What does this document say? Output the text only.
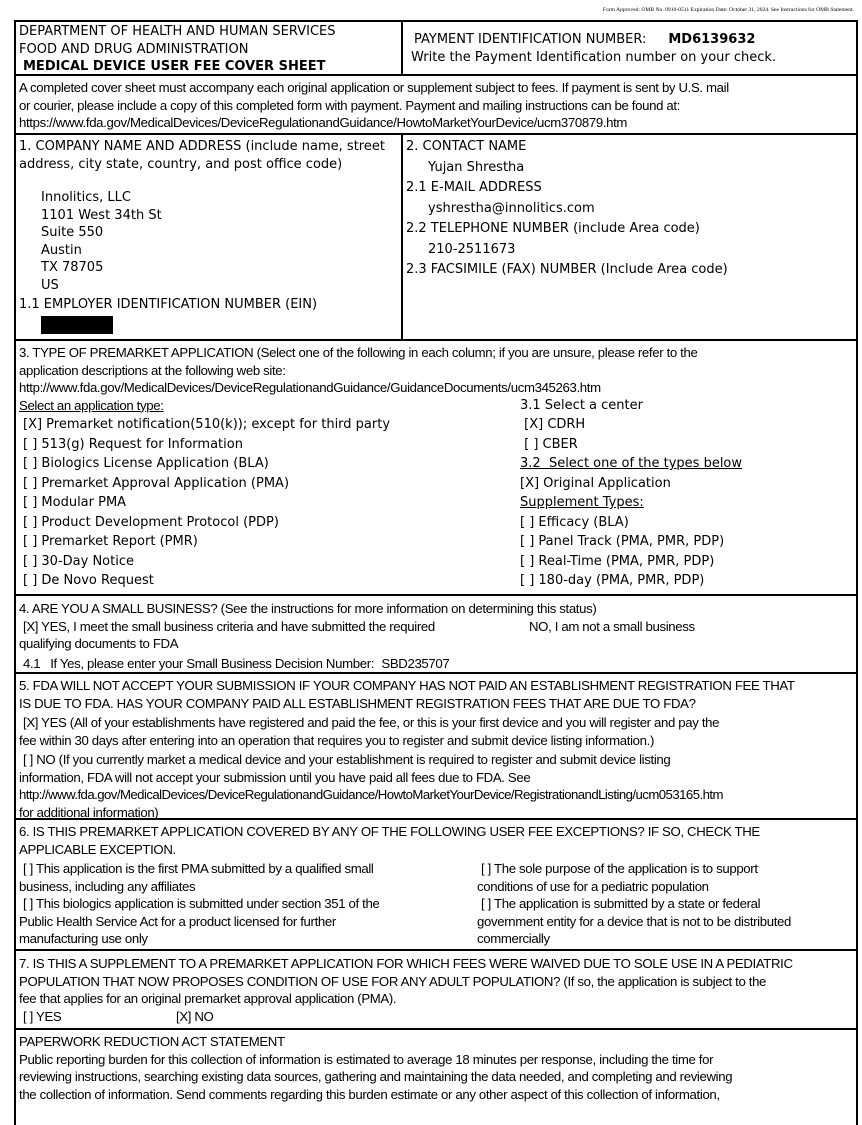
Form Approved: OMB No. 0910-0511 Expiration Date: October 31, 2024. See Instructions for OMB Statement.
DEPARTMENT OF HEALTH AND HUMAN SERVICES
FOOD AND DRUG ADMINISTRATION
MEDICAL DEVICE USER FEE COVER SHEET
PAYMENT IDENTIFICATION NUMBER: MD6139632
Write the Payment Identification number on your check.
A completed cover sheet must accompany each original application or supplement subject to fees. If payment is sent by U.S. mail
or courier, please include a copy of this completed form with payment. Payment and mailing instructions can be found at:
https://www.fda.gov/MedicalDevices/DeviceRegulationandGuidance/HowtoMarketYourDevice/ucm370879.htm
1. COMPANY NAME AND ADDRESS (include name, street
address, city state, country, and post office code)
Innolitics, LLC
1101 West 34th St
Suite 550
Austin
TX 78705
US
1.1 EMPLOYER IDENTIFICATION NUMBER (EIN)
2. CONTACT NAME
Yujan Shrestha
2.1 E-MAIL ADDRESS
yshrestha@innolitics.com
2.2 TELEPHONE NUMBER (include Area code)
210-2511673
2.3 FACSIMILE (FAX) NUMBER (Include Area code)
3. TYPE OF PREMARKET APPLICATION (Select one of the following in each column; if you are unsure, please refer to the
application descriptions at the following web site:
http://www.fda.gov/MedicalDevices/DeviceRegulationandGuidance/GuidanceDocuments/ucm345263.htm
Select an application type:
[X] Premarket notification(510(k)); except for third party
[ ] 513(g) Request for Information
[ ] Biologics License Application (BLA)
[ ] Premarket Approval Application (PMA)
[ ] Modular PMA
[ ] Product Development Protocol (PDP)
[ ] Premarket Report (PMR)
[ ] 30-Day Notice
[ ] De Novo Request
3.1 Select a center
[X] CDRH
[ ] CBER
3.2  Select one of the types below
[X] Original Application
Supplement Types:
[ ] Efficacy (BLA)
[ ] Panel Track (PMA, PMR, PDP)
[ ] Real-Time (PMA, PMR, PDP)
[ ] 180-day (PMA, PMR, PDP)
4. ARE YOU A SMALL BUSINESS? (See the instructions for more information on determining this status)
[X] YES, I meet the small business criteria and have submitted the required
qualifying documents to FDA
NO, I am not a small business
4.1   If Yes, please enter your Small Business Decision Number: SBD235707
5. FDA WILL NOT ACCEPT YOUR SUBMISSION IF YOUR COMPANY HAS NOT PAID AN ESTABLISHMENT REGISTRATION FEE THAT
IS DUE TO FDA. HAS YOUR COMPANY PAID ALL ESTABLISHMENT REGISTRATION FEES THAT ARE DUE TO FDA?
[X] YES (All of your establishments have registered and paid the fee, or this is your first device and you will register and pay the
fee within 30 days after entering into an operation that requires you to register and submit device listing information.)
[ ] NO (If you currently market a medical device and your establishment is required to register and submit device listing
information, FDA will not accept your submission until you have paid all fees due to FDA. See
http://www.fda.gov/MedicalDevices/DeviceRegulationandGuidance/HowtoMarketYourDevice/RegistrationandListing/ucm053165.htm
for additional information)
6. IS THIS PREMARKET APPLICATION COVERED BY ANY OF THE FOLLOWING USER FEE EXCEPTIONS? IF SO, CHECK THE
APPLICABLE EXCEPTION.
[ ] This application is the first PMA submitted by a qualified small
business, including any affiliates
[ ] The sole purpose of the application is to support
conditions of use for a pediatric population
[ ] This biologics application is submitted under section 351 of the
Public Health Service Act for a product licensed for further
manufacturing use only
[ ] The application is submitted by a state or federal
government entity for a device that is not to be distributed
commercially
7. IS THIS A SUPPLEMENT TO A PREMARKET APPLICATION FOR WHICH FEES WERE WAIVED DUE TO SOLE USE IN A PEDIATRIC
POPULATION THAT NOW PROPOSES CONDITION OF USE FOR ANY ADULT POPULATION? (If so, the application is subject to the
fee that applies for an original premarket approval application (PMA).
[ ] YES	[X] NO
PAPERWORK REDUCTION ACT STATEMENT
Public reporting burden for this collection of information is estimated to average 18 minutes per response, including the time for
reviewing instructions, searching existing data sources, gathering and maintaining the data needed, and completing and reviewing
the collection of information. Send comments regarding this burden estimate or any other aspect of this collection of information,
